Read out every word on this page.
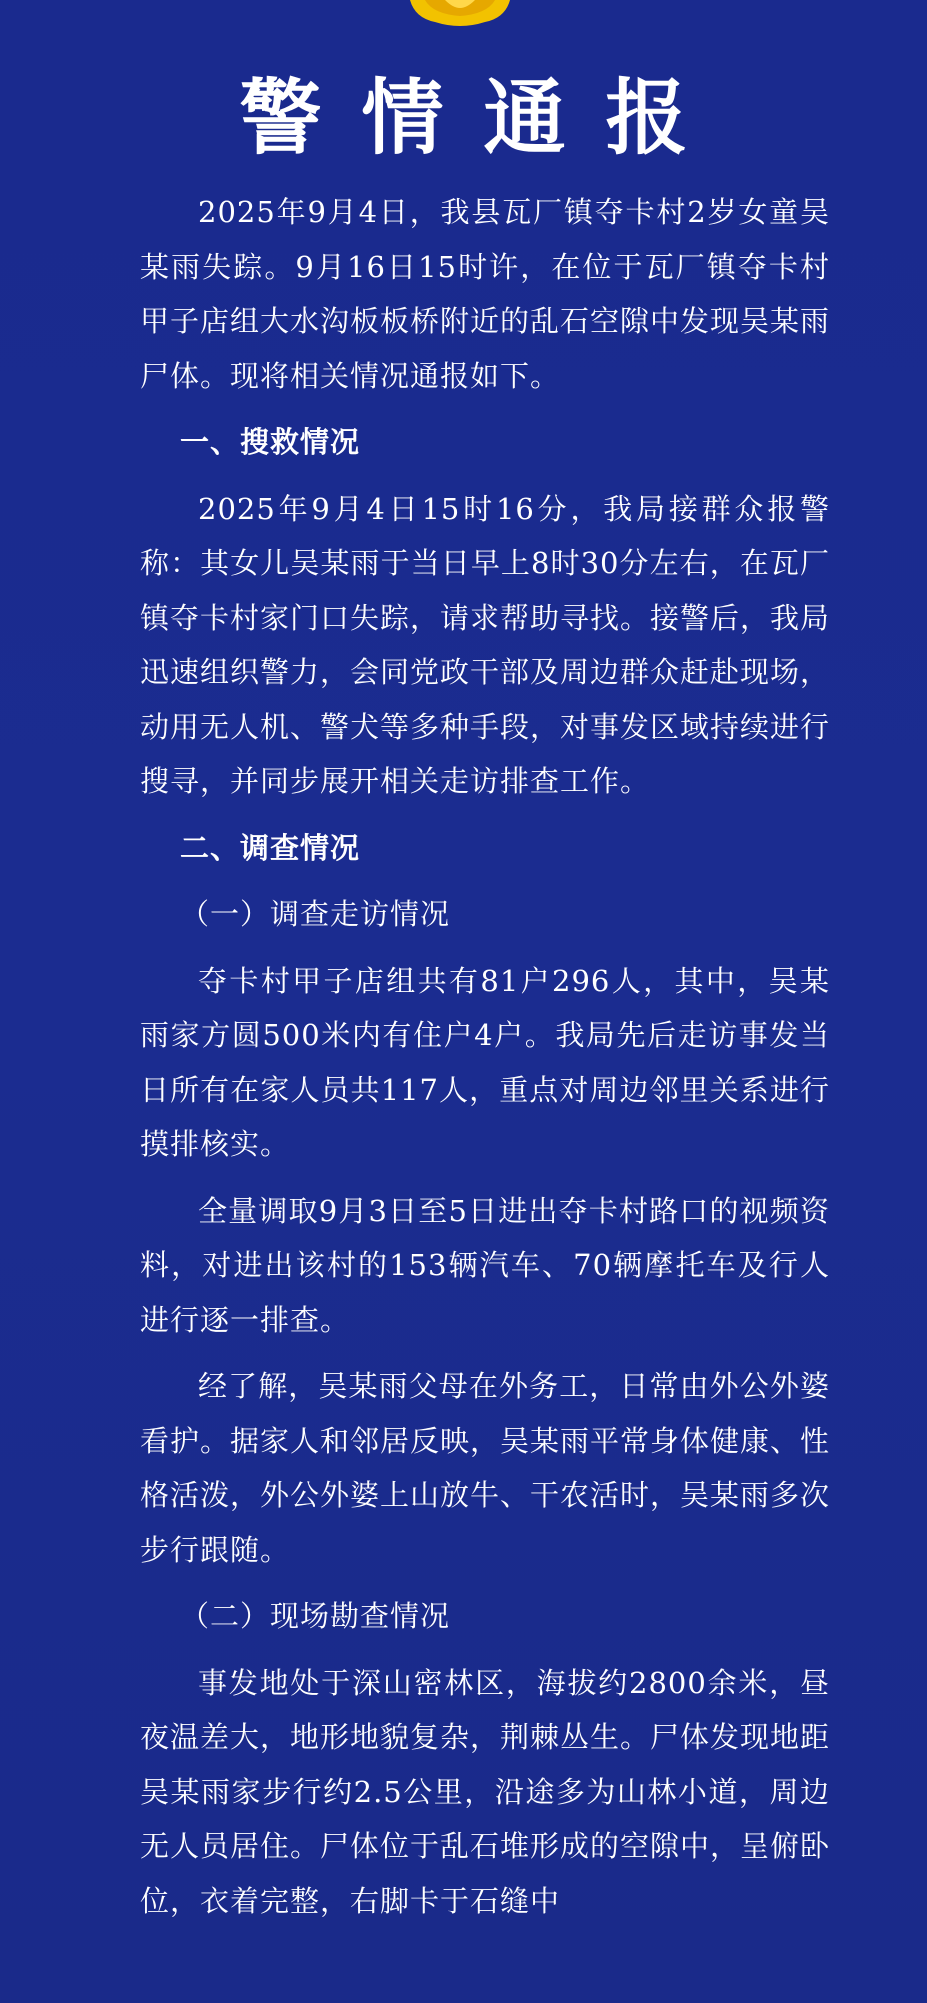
警情通报

2025年9月4日，我县瓦厂镇夺卡村2岁女童吴某雨失踪。9月16日15时许，在位于瓦厂镇夺卡村甲子店组大水沟板板桥附近的乱石空隙中发现吴某雨尸体。现将相关情况通报如下。

一、搜救情况

2025年9月4日15时16分，我局接群众报警称：其女儿吴某雨于当日早上8时30分左右，在瓦厂镇夺卡村家门口失踪，请求帮助寻找。接警后，我局迅速组织警力，会同党政干部及周边群众赶赴现场，动用无人机、警犬等多种手段，对事发区域持续进行搜寻，并同步展开相关走访排查工作。

二、调查情况

（一）调查走访情况

夺卡村甲子店组共有81户296人，其中，吴某雨家方圆500米内有住户4户。我局先后走访事发当日所有在家人员共117人，重点对周边邻里关系进行摸排核实。

全量调取9月3日至5日进出夺卡村路口的视频资料，对进出该村的153辆汽车、70辆摩托车及行人进行逐一排查。

经了解，吴某雨父母在外务工，日常由外公外婆看护。据家人和邻居反映，吴某雨平常身体健康、性格活泼，外公外婆上山放牛、干农活时，吴某雨多次步行跟随。

（二）现场勘查情况

事发地处于深山密林区，海拔约2800余米，昼夜温差大，地形地貌复杂，荆棘丛生。尸体发现地距吴某雨家步行约2.5公里，沿途多为山林小道，周边无人员居住。尸体位于乱石堆形成的空隙中，呈俯卧位，衣着完整，右脚卡于石缝中
